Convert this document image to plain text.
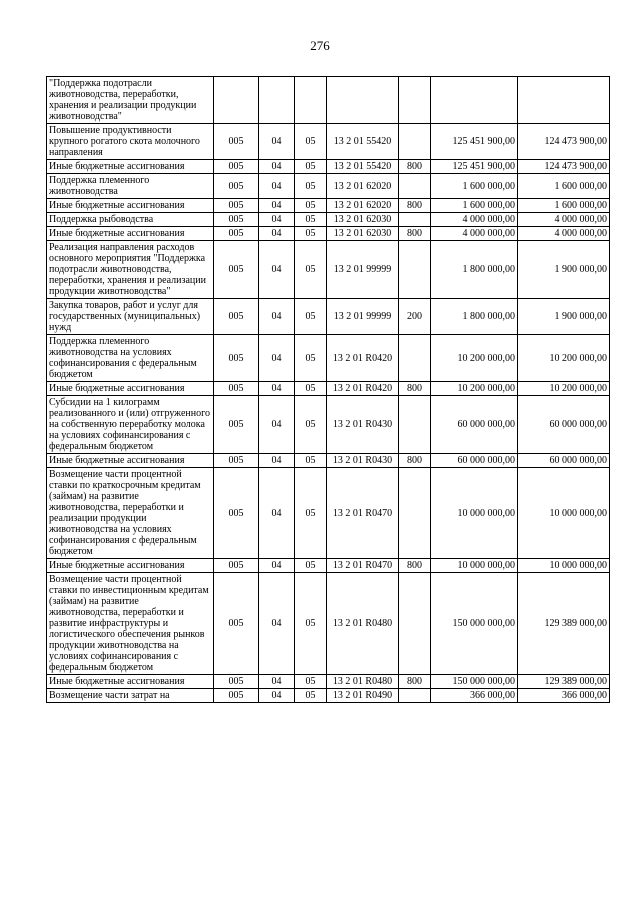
276
"Поддержка подотрасли животноводства, переработки, хранения и реализации продукции животноводства"							
Повышение продуктивности крупного рогатого скота молочного направления	005	04	05	13 2 01 55420		125 451 900,00	124 473 900,00
Иные бюджетные ассигнования	005	04	05	13 2 01 55420	800	125 451 900,00	124 473 900,00
Поддержка племенного животноводства	005	04	05	13 2 01 62020		1 600 000,00	1 600 000,00
Иные бюджетные ассигнования	005	04	05	13 2 01 62020	800	1 600 000,00	1 600 000,00
Поддержка рыбоводства	005	04	05	13 2 01 62030		4 000 000,00	4 000 000,00
Иные бюджетные ассигнования	005	04	05	13 2 01 62030	800	4 000 000,00	4 000 000,00
Реализация направления расходов основного мероприятия "Поддержка подотрасли животноводства, переработки, хранения и реализации продукции животноводства"	005	04	05	13 2 01 99999		1 800 000,00	1 900 000,00
Закупка товаров, работ и услуг для государственных (муниципальных) нужд	005	04	05	13 2 01 99999	200	1 800 000,00	1 900 000,00
Поддержка племенного животноводства на условиях софинансирования с федеральным бюджетом	005	04	05	13 2 01 R0420		10 200 000,00	10 200 000,00
Иные бюджетные ассигнования	005	04	05	13 2 01 R0420	800	10 200 000,00	10 200 000,00
Субсидии на 1 килограмм реализованного и (или) отгруженного на собственную переработку молока на условиях софинансирования с федеральным бюджетом	005	04	05	13 2 01 R0430		60 000 000,00	60 000 000,00
Иные бюджетные ассигнования	005	04	05	13 2 01 R0430	800	60 000 000,00	60 000 000,00
Возмещение части процентной ставки по краткосрочным кредитам (займам) на развитие животноводства, переработки и реализации продукции животноводства на условиях софинансирования с федеральным бюджетом	005	04	05	13 2 01 R0470		10 000 000,00	10 000 000,00
Иные бюджетные ассигнования	005	04	05	13 2 01 R0470	800	10 000 000,00	10 000 000,00
Возмещение части процентной ставки по инвестиционным кредитам (займам) на развитие животноводства, переработки и развитие инфраструктуры и логистического обеспечения рынков продукции животноводства на условиях софинансирования с федеральным бюджетом	005	04	05	13 2 01 R0480		150 000 000,00	129 389 000,00
Иные бюджетные ассигнования	005	04	05	13 2 01 R0480	800	150 000 000,00	129 389 000,00
Возмещение части затрат на	005	04	05	13 2 01 R0490		366 000,00	366 000,00
